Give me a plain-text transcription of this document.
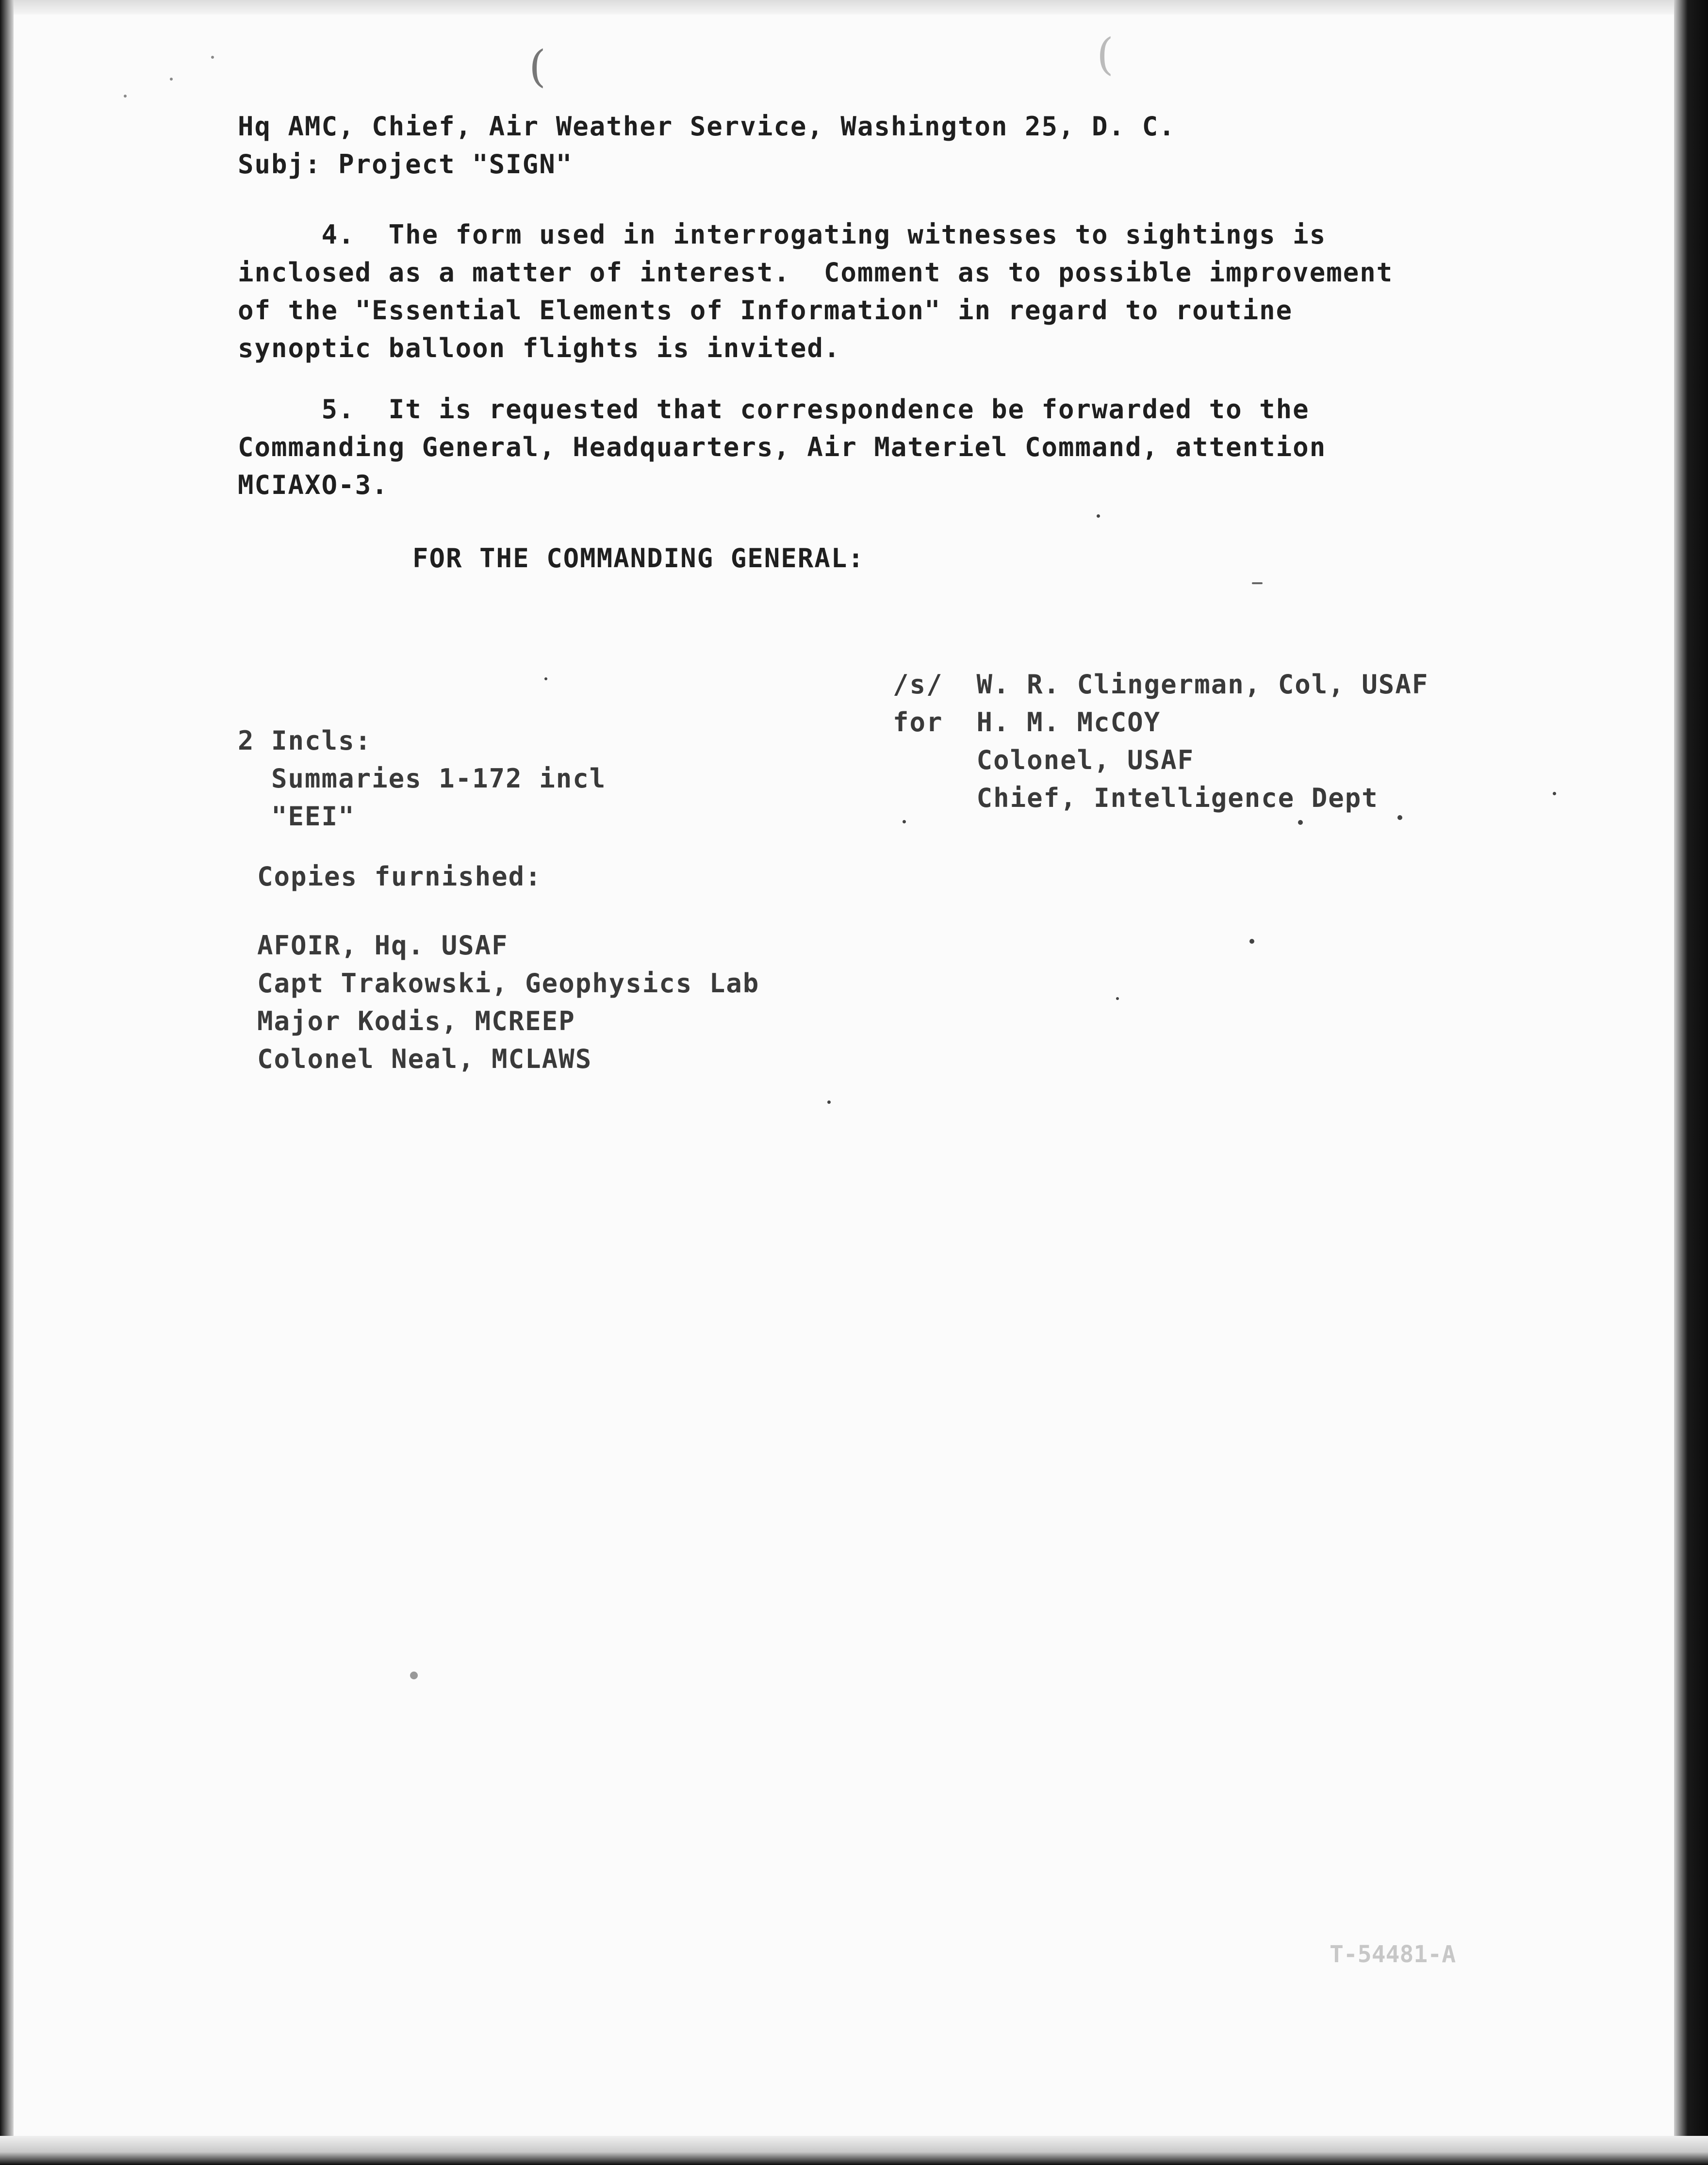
(	(
Hq AMC, Chief, Air Weather Service, Washington 25, D. C.
Subj: Project "SIGN"
4.  The form used in interrogating witnesses to sightings is
inclosed as a matter of interest.  Comment as to possible improvement
of the "Essential Elements of Information" in regard to routine
synoptic balloon flights is invited.
5.  It is requested that correspondence be forwarded to the
Commanding General, Headquarters, Air Materiel Command, attention
MCIAXO-3.
FOR THE COMMANDING GENERAL:
/s/  W. R. Clingerman, Col, USAF
for  H. M. McCOY
Colonel, USAF
Chief, Intelligence Dept
2 Incls:
Summaries 1-172 incl
"EEI"
Copies furnished:
AFOIR, Hq. USAF
Capt Trakowski, Geophysics Lab
Major Kodis, MCREEP
Colonel Neal, MCLAWS
T-54481-A
